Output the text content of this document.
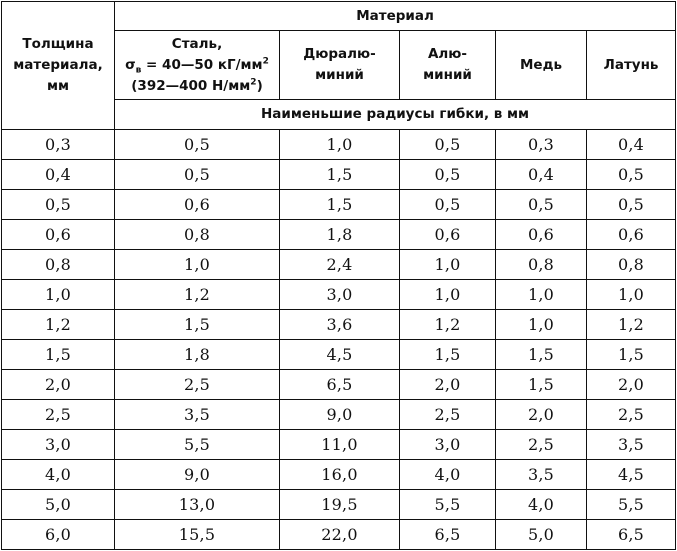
Толщина
материала,
мм	Материал				

	Сталь,
$\sigma_в$ = 40—50 $кГ/мм^2$
(392—400 $Н/мм^2$)	Дюралю-
миний	Алю-
миний	Медь	Латунь
	Наименьшие радиусы гибки, в мм				
0,3	0,5	1,0	0,5	0,3	0,4
0,4	0,5	1,5	0,5	0,4	0,5
0,5	0,6	1,5	0,5	0,5	0,5
0,6	0,8	1,8	0,6	0,6	0,6
0,8	1,0	2,4	1,0	0,8	0,8
1,0	1,2	3,0	1,0	1,0	1,0
1,2	1,5	3,6	1,2	1,0	1,2
1,5	1,8	4,5	1,5	1,5	1,5
2,0	2,5	6,5	2,0	1,5	2,0
2,5	3,5	9,0	2,5	2,0	2,5
3,0	5,5	11,0	3,0	2,5	3,5
4,0	9,0	16,0	4,0	3,5	4,5
5,0	13,0	19,5	5,5	4,0	5,5
6,0	15,5	22,0	6,5	5,0	6,5
